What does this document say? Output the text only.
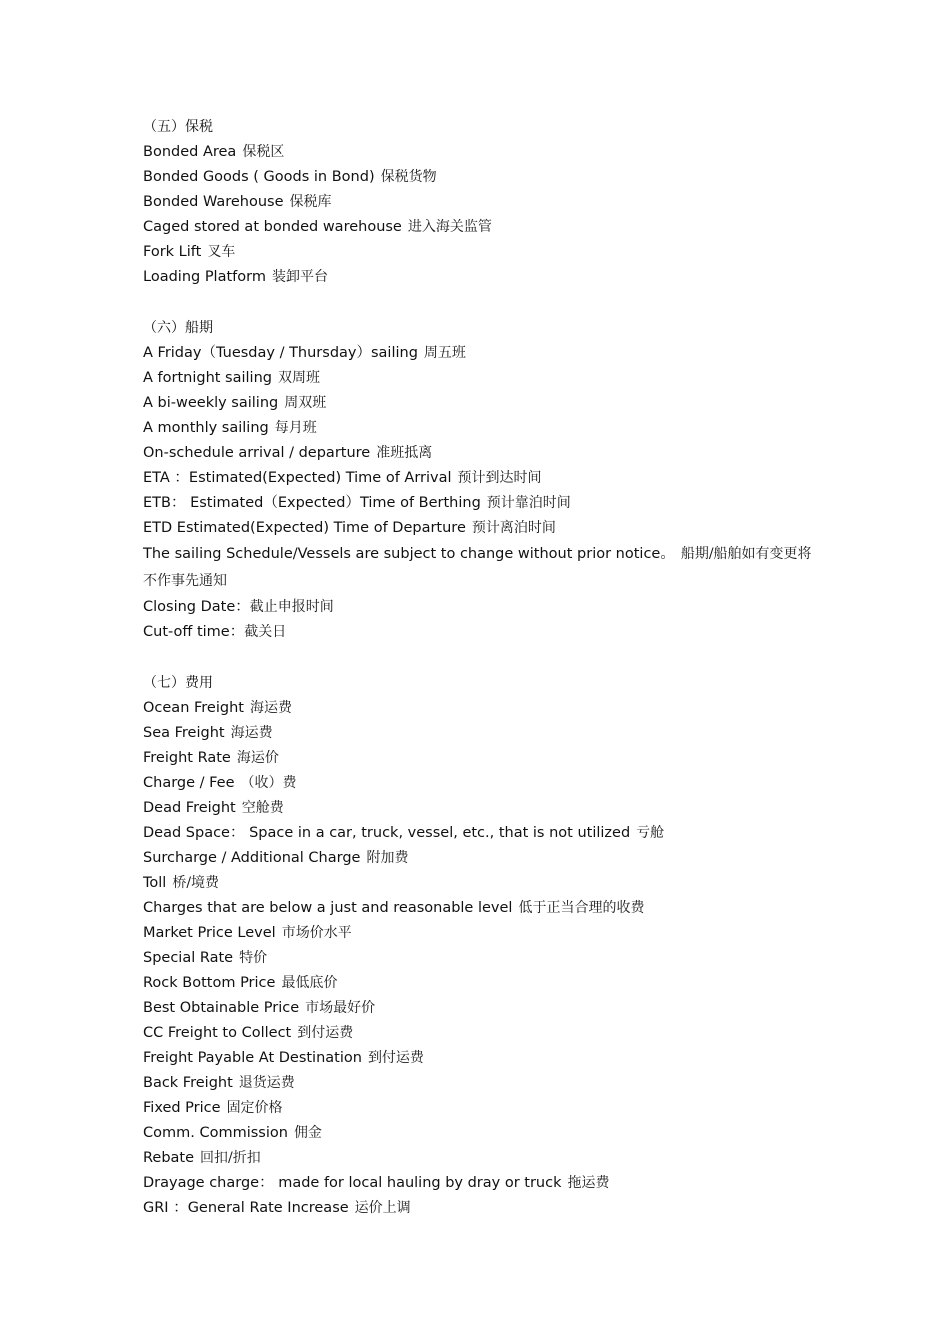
（五）保税
Bonded Area 保税区
Bonded Goods ( Goods in Bond) 保税货物
Bonded Warehouse 保税库
Caged stored at bonded warehouse 进入海关监管
Fork Lift 叉车
Loading Platform 装卸平台
（六）船期
A Friday（Tuesday / Thursday）sailing 周五班
A fortnight sailing 双周班
A bi-weekly sailing 周双班
A monthly sailing 每月班
On-schedule arrival / departure 准班抵离
ETA ：Estimated(Expected) Time of Arrival 预计到达时间
ETB： Estimated（Expected）Time of Berthing 预计靠泊时间
ETD Estimated(Expected) Time of Departure 预计离泊时间
The sailing Schedule/Vessels are subject to change without prior notice。 船期/船舶如有变更将不作事先通知
Closing Date：截止申报时间
Cut-off time：截关日
（七）费用
Ocean Freight 海运费
Sea Freight 海运费
Freight Rate 海运价
Charge / Fee （收）费
Dead Freight 空舱费
Dead Space： Space in a car, truck, vessel, etc., that is not utilized 亏舱
Surcharge / Additional Charge 附加费
Toll 桥/境费
Charges that are below a just and reasonable level 低于正当合理的收费
Market Price Level 市场价水平
Special Rate 特价
Rock Bottom Price 最低底价
Best Obtainable Price 市场最好价
CC Freight to Collect 到付运费
Freight Payable At Destination 到付运费
Back Freight 退货运费
Fixed Price 固定价格
Comm. Commission 佣金
Rebate 回扣/折扣
Drayage charge： made for local hauling by dray or truck 拖运费
GRI ：General Rate Increase 运价上调
